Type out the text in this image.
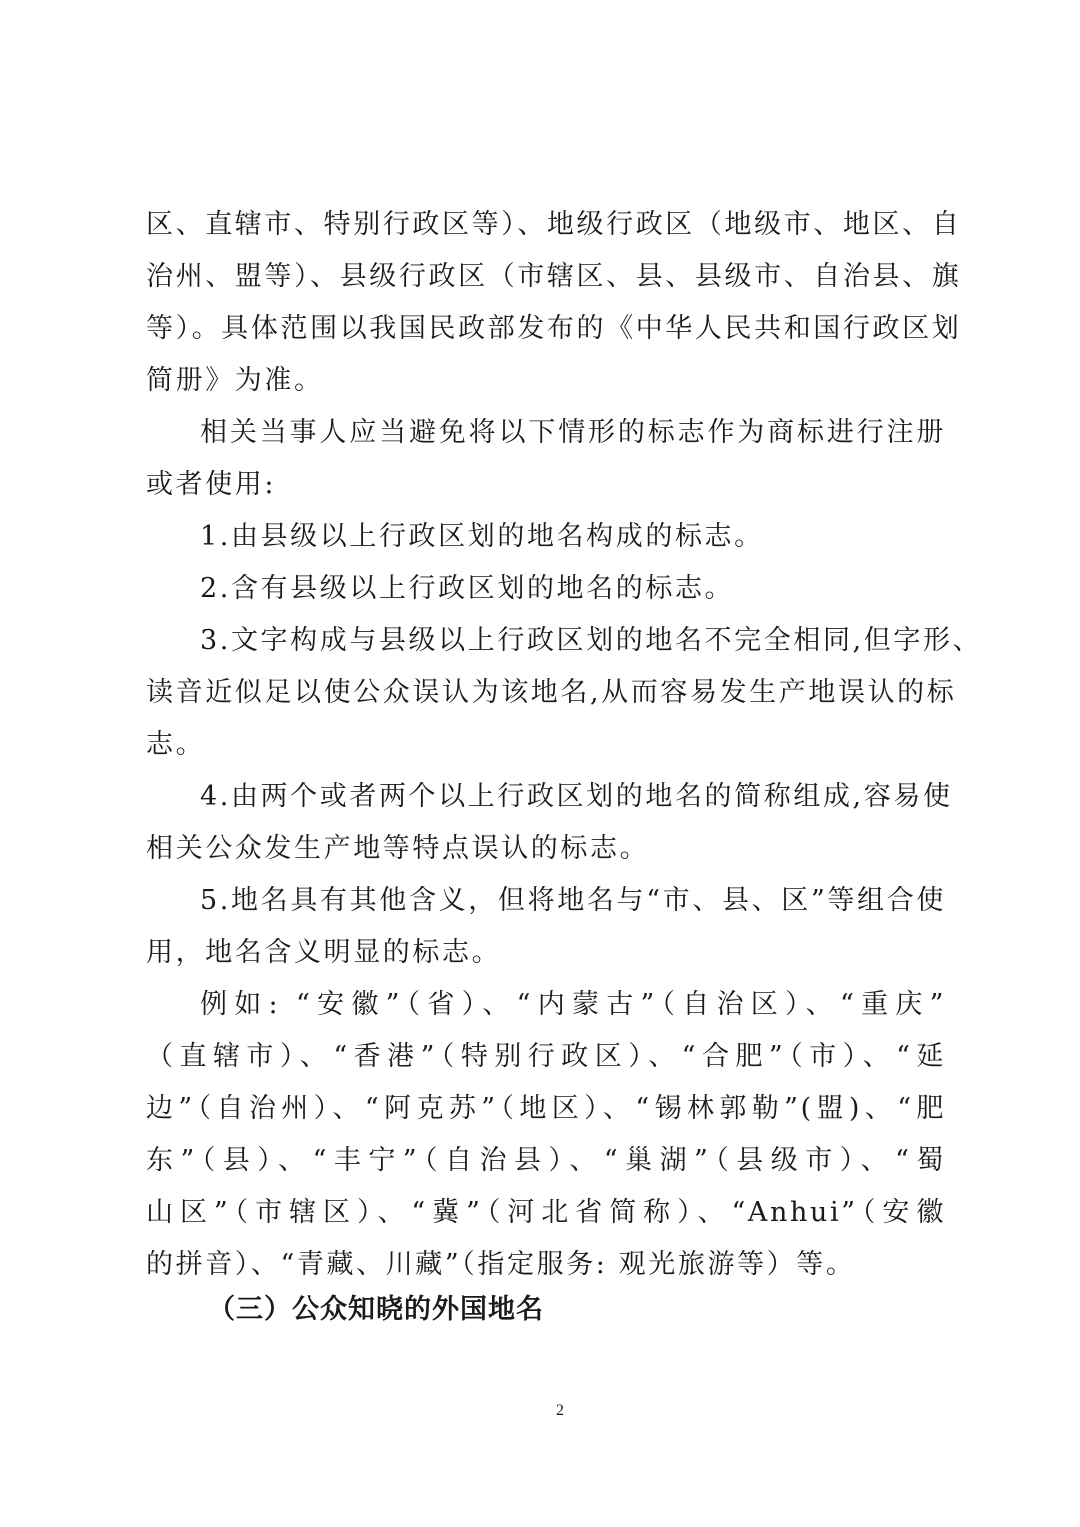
区、直辖市、特别行政区等）、地级行政区（地级市、地区、自
治州、盟等）、县级行政区（市辖区、县、县级市、自治县、旗
等）。具体范围以我国民政部发布的《中华人民共和国行政区划
简册》为准。
相关当事人应当避免将以下情形的标志作为商标进行注册
或者使用:
1.由县级以上行政区划的地名构成的标志。
2.含有县级以上行政区划的地名的标志。
3.文字构成与县级以上行政区划的地名不完全相同,但字形、
读音近似足以使公众误认为该地名,从而容易发生产地误认的标
志。
4.由两个或者两个以上行政区划的地名的简称组成,容易使
相关公众发生产地等特点误认的标志。
5.地名具有其他含义，但将地名与“市、县、区”等组合使
用，地名含义明显的标志。
例如: “安徽”（省）、“内蒙古”（自治区）、“重庆”
（直辖市）、“香港”（特别行政区）、“合肥”（市）、“延
边”（自治州）、“阿克苏”（地区）、“锡林郭勒”(盟)、“肥
东”（县）、“丰宁”（自治县）、“巢湖”（县级市）、“蜀
山区”（市辖区）、“冀”（河北省简称）、“Anhui”（安徽
的拼音）、“青藏、川藏”（指定服务: 观光旅游等）等。
（三）公众知晓的外国地名
2
